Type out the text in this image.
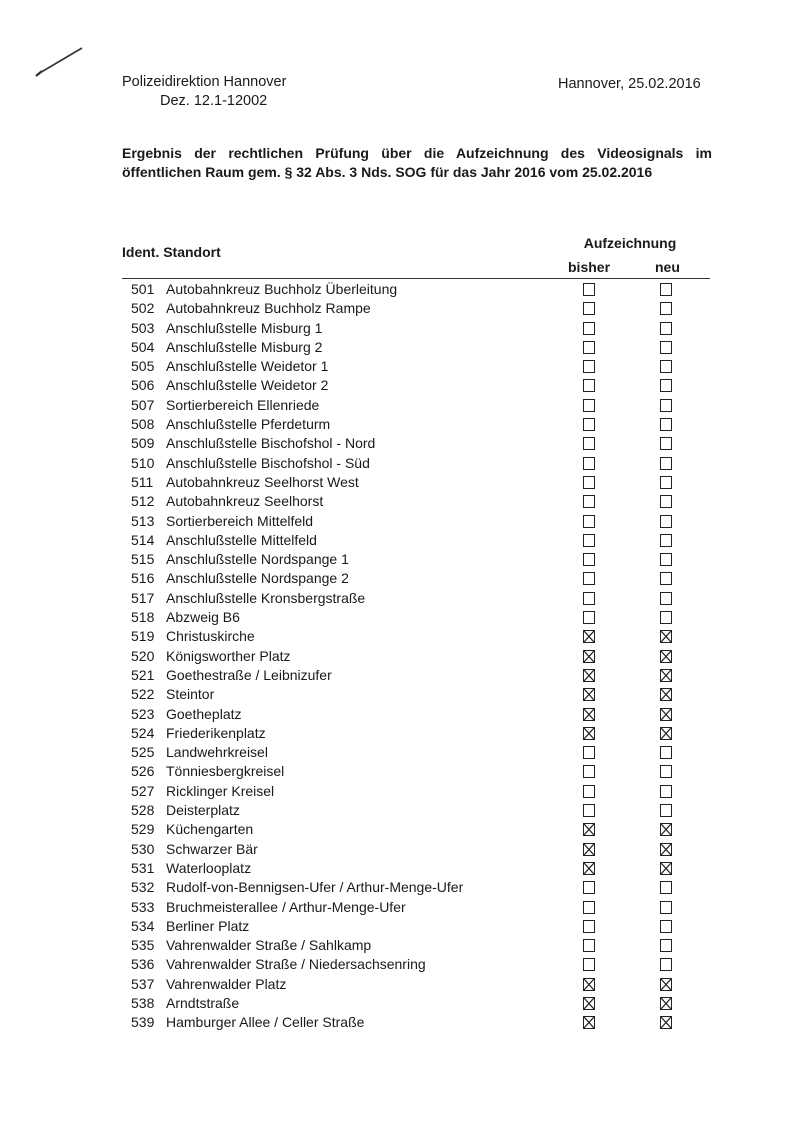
Polizeidirektion Hannover
Dez. 12.1-12002
Hannover, 25.02.2016
Ergebnis der rechtlichen Prüfung über die Aufzeichnung des Videosignals im öffentlichen Raum gem. § 32 Abs. 3 Nds. SOG für das Jahr 2016 vom 25.02.2016
Ident. Standort
Aufzeichnung
bisher	neu
501 Autobahnkreuz Buchholz Überleitung
502 Autobahnkreuz Buchholz Rampe
503 Anschlußstelle Misburg 1
504 Anschlußstelle Misburg 2
505 Anschlußstelle Weidetor 1
506 Anschlußstelle Weidetor 2
507 Sortierbereich Ellenriede
508 Anschlußstelle Pferdeturm
509 Anschlußstelle Bischofshol - Nord
510 Anschlußstelle Bischofshol - Süd
511 Autobahnkreuz Seelhorst West
512 Autobahnkreuz Seelhorst
513 Sortierbereich Mittelfeld
514 Anschlußstelle Mittelfeld
515 Anschlußstelle Nordspange 1
516 Anschlußstelle Nordspange 2
517 Anschlußstelle Kronsbergstraße
518 Abzweig B6
519 Christuskirche
520 Königsworther Platz
521 Goethestraße / Leibnizufer
522 Steintor
523 Goetheplatz
524 Friederikenplatz
525 Landwehrkreisel
526 Tönniesbergkreisel
527 Ricklinger Kreisel
528 Deisterplatz
529 Küchengarten
530 Schwarzer Bär
531 Waterlooplatz
532 Rudolf-von-Bennigsen-Ufer / Arthur-Menge-Ufer
533 Bruchmeisterallee / Arthur-Menge-Ufer
534 Berliner Platz
535 Vahrenwalder Straße / Sahlkamp
536 Vahrenwalder Straße / Niedersachsenring
537 Vahrenwalder Platz
538 Arndtstraße
539 Hamburger Allee / Celler Straße
